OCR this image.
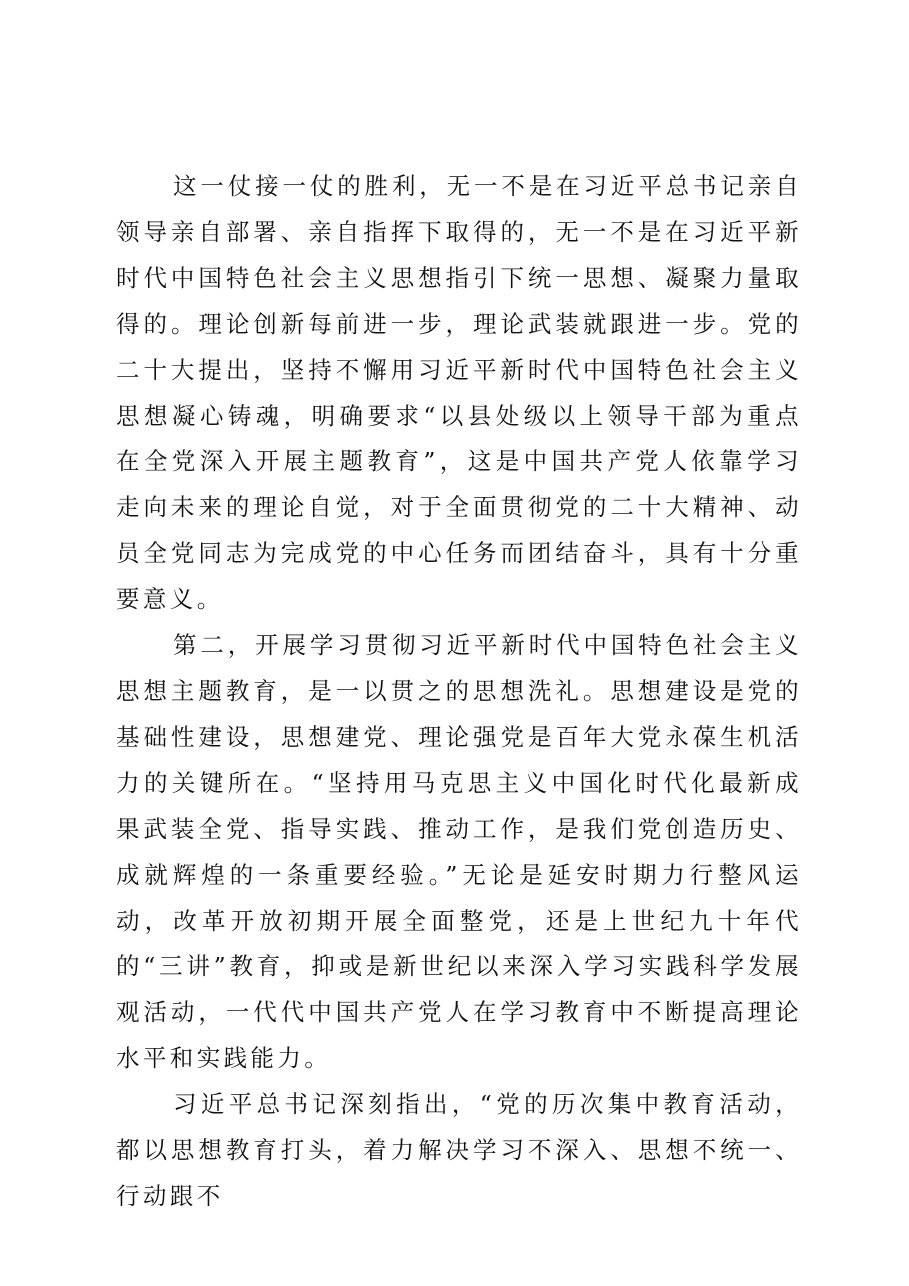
这一仗接一仗的胜利，无一不是在习近平总书记亲自领导亲自部署、亲自指挥下取得的，无一不是在习近平新时代中国特色社会主义思想指引下统一思想、凝聚力量取得的。理论创新每前进一步，理论武装就跟进一步。党的二十大提出，坚持不懈用习近平新时代中国特色社会主义思想凝心铸魂，明确要求“以县处级以上领导干部为重点在全党深入开展主题教育”，这是中国共产党人依靠学习走向未来的理论自觉，对于全面贯彻党的二十大精神、动员全党同志为完成党的中心任务而团结奋斗，具有十分重要意义。

第二，开展学习贯彻习近平新时代中国特色社会主义思想主题教育，是一以贯之的思想洗礼。思想建设是党的基础性建设，思想建党、理论强党是百年大党永葆生机活力的关键所在。“坚持用马克思主义中国化时代化最新成果武装全党、指导实践、推动工作，是我们党创造历史、成就辉煌的一条重要经验。”无论是延安时期力行整风运动，改革开放初期开展全面整党，还是上世纪九十年代的“三讲”教育，抑或是新世纪以来深入学习实践科学发展观活动，一代代中国共产党人在学习教育中不断提高理论水平和实践能力。

习近平总书记深刻指出，“党的历次集中教育活动，都以思想教育打头，着力解决学习不深入、思想不统一、行动跟不
